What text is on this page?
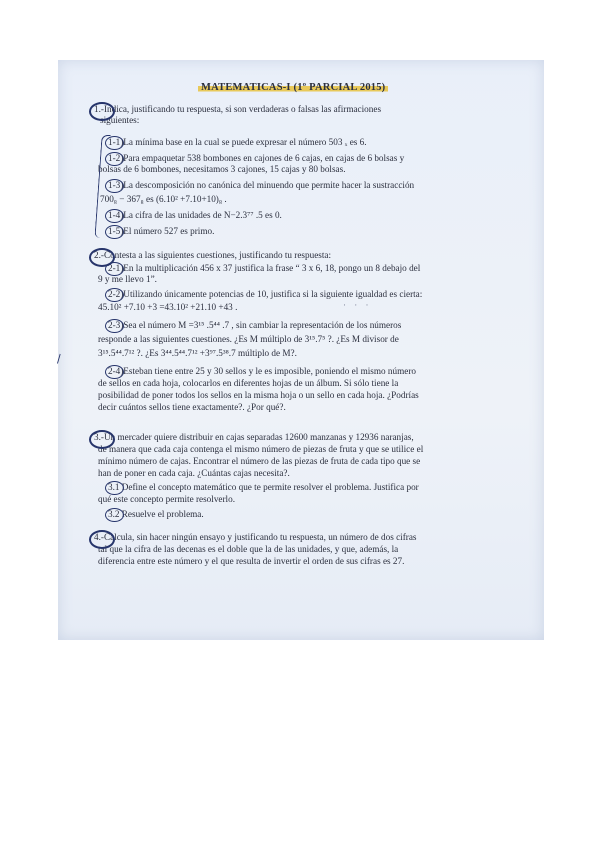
MATEMATICAS-I (1º PARCIAL 2015)
1.-Indica, justificando tu respuesta, si son verdaderas o falsas las afirmaciones
siguientes:
1-1)La mínima base en la cual se puede expresar el número 503 ₓ es 6.
1-2)Para empaquetar 538 bombones en cajones de 6 cajas, en cajas de 6 bolsas y
bolsas de 6 bombones, necesitamos 3 cajones, 15 cajas y 80 bolsas.
1-3)La descomposición no canónica del minuendo que permite hacer la sustracción
700₈ − 367₈ es (6.10² +7.10+10)₈ .
1-4)La cifra de las unidades de N−2.3⁷⁷ .5 es 0.
1-5)El número 527 es primo.
2.-Contesta a las siguientes cuestiones, justificando tu respuesta:
2-1)En la multiplicación 456 x 37 justifica la frase “ 3 x 6, 18, pongo un 8 debajo del
9 y me llevo 1”.
2-2)Utilizando únicamente potencias de 10, justifica si la siguiente igualdad es cierta:
45.10² +7.10 +3 =43.10² +21.10 +43 .	· · ·
2-3)Sea el número M =3¹⁵ .5⁴⁴ .7 , sin cambiar la representación de los números
responde a las siguientes cuestiones. ¿Es M múltiplo de 3¹⁵.7⁵ ?. ¿Es M divisor de
3¹⁵.5⁴⁴.7¹² ?. ¿Es 3⁴⁴.5⁴⁴.7¹² +3⁹⁷.5³⁸.7 múltiplo de M?.
2-4)Esteban tiene entre 25 y 30 sellos y le es imposible, poniendo el mismo número
de sellos en cada hoja, colocarlos en diferentes hojas de un álbum. Si sólo tiene la
posibilidad de poner todos los sellos en la misma hoja o un sello en cada hoja. ¿Podrías
decir cuántos sellos tiene exactamente?. ¿Por qué?.
3.-Un mercader quiere distribuir en cajas separadas 12600 manzanas y 12936 naranjas,
de manera que cada caja contenga el mismo número de piezas de fruta y que se utilice el
mínimo número de cajas. Encontrar el número de las piezas de fruta de cada tipo que se
han de poner en cada caja. ¿Cuántas cajas necesita?.
3.1 Define el concepto matemático que te permite resolver el problema. Justifica por
qué este concepto permite resolverlo.
3.2 Resuelve el problema.
4.-Calcula, sin hacer ningún ensayo y justificando tu respuesta, un número de dos cifras
tal que la cifra de las decenas es el doble que la de las unidades, y que, además, la
diferencia entre este número y el que resulta de invertir el orden de sus cifras es 27.
\
